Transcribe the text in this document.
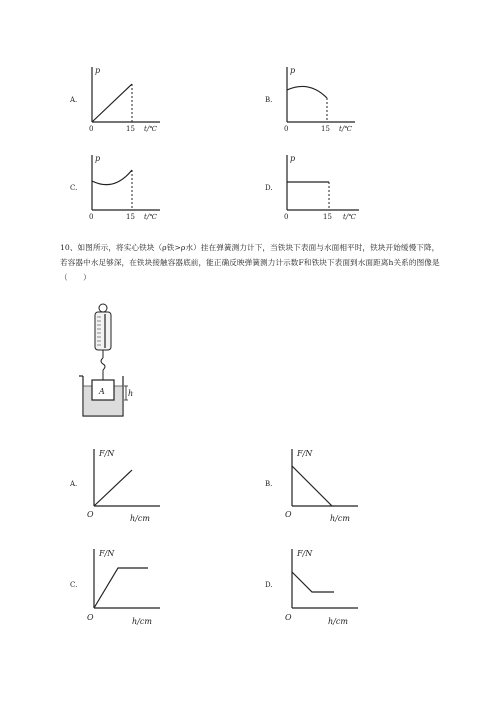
A.
p
0	15 t/℃
B.
p
0	15 t/℃
C.
p
0	15 t/℃
D.
p
0	15 t/℃
10、如图所示，将实心铁块（ρ铁>ρ水）挂在弹簧测力计下，当铁块下表面与水面相平时，铁块开始缓慢下降，若容器中水足够深，在铁块接触容器底前，能正确反映弹簧测力计示数F和铁块下表面到水面距离h关系的图像是（　　）
A	h
A.
F/N
O	h/cm
B.
F/N
O	h/cm
C.
F/N
O	h/cm
D.
F/N
O	h/cm
